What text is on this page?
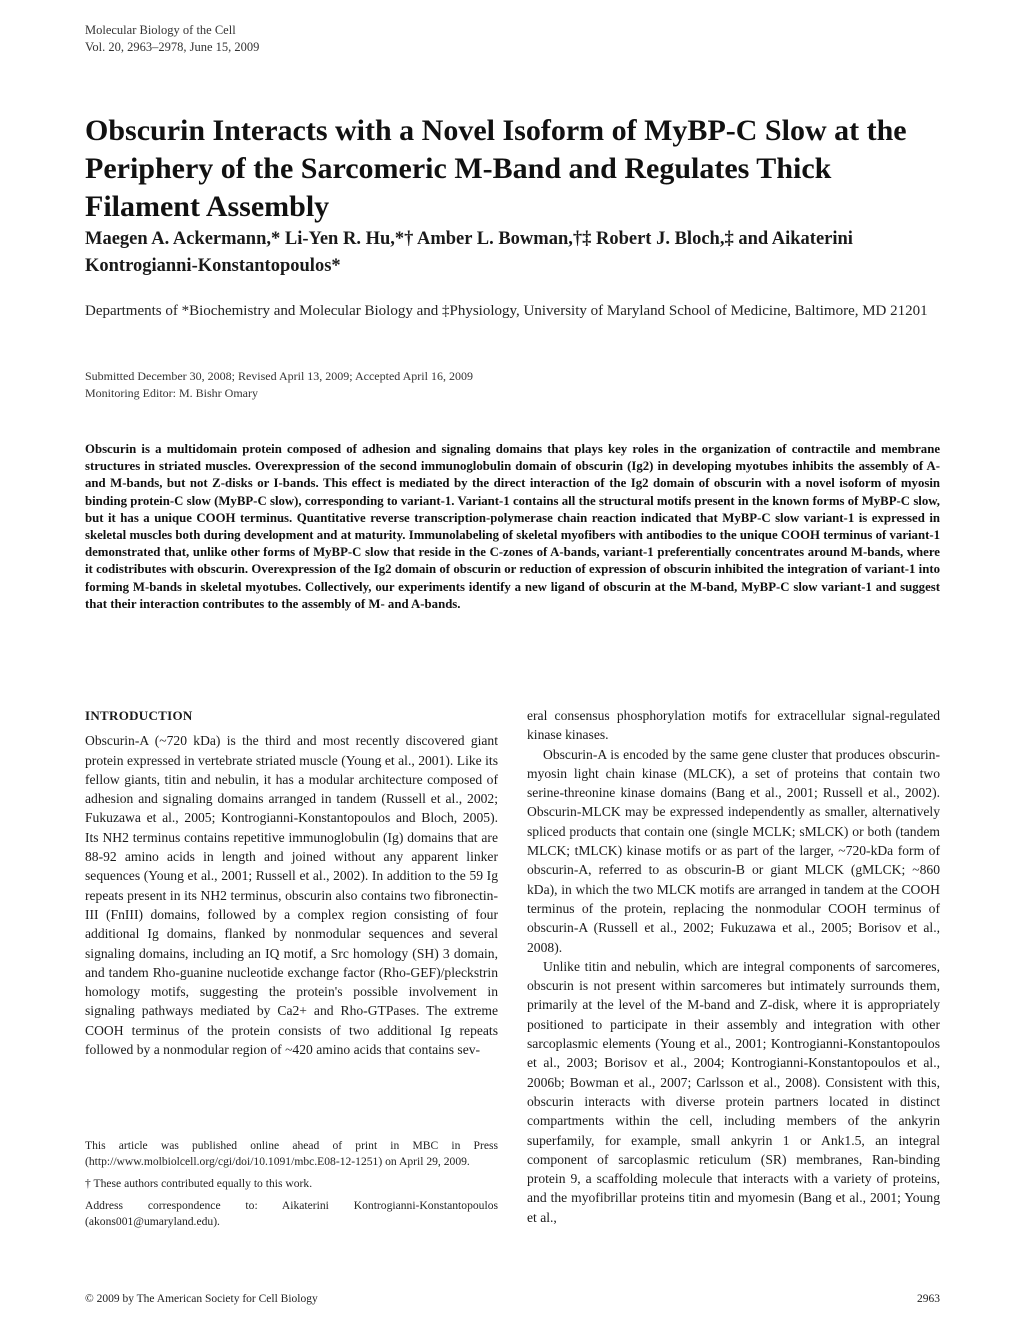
Molecular Biology of the Cell
Vol. 20, 2963–2978, June 15, 2009
Obscurin Interacts with a Novel Isoform of MyBP-C Slow at the Periphery of the Sarcomeric M-Band and Regulates Thick Filament Assembly
Maegen A. Ackermann,* Li-Yen R. Hu,*† Amber L. Bowman,†‡ Robert J. Bloch,‡ and Aikaterini Kontrogianni-Konstantopoulos*
Departments of *Biochemistry and Molecular Biology and ‡Physiology, University of Maryland School of Medicine, Baltimore, MD 21201
Submitted December 30, 2008; Revised April 13, 2009; Accepted April 16, 2009
Monitoring Editor: M. Bishr Omary
Obscurin is a multidomain protein composed of adhesion and signaling domains that plays key roles in the organization of contractile and membrane structures in striated muscles. Overexpression of the second immunoglobulin domain of obscurin (Ig2) in developing myotubes inhibits the assembly of A- and M-bands, but not Z-disks or I-bands. This effect is mediated by the direct interaction of the Ig2 domain of obscurin with a novel isoform of myosin binding protein-C slow (MyBP-C slow), corresponding to variant-1. Variant-1 contains all the structural motifs present in the known forms of MyBP-C slow, but it has a unique COOH terminus. Quantitative reverse transcription-polymerase chain reaction indicated that MyBP-C slow variant-1 is expressed in skeletal muscles both during development and at maturity. Immunolabeling of skeletal myofibers with antibodies to the unique COOH terminus of variant-1 demonstrated that, unlike other forms of MyBP-C slow that reside in the C-zones of A-bands, variant-1 preferentially concentrates around M-bands, where it codistributes with obscurin. Overexpression of the Ig2 domain of obscurin or reduction of expression of obscurin inhibited the integration of variant-1 into forming M-bands in skeletal myotubes. Collectively, our experiments identify a new ligand of obscurin at the M-band, MyBP-C slow variant-1 and suggest that their interaction contributes to the assembly of M- and A-bands.
INTRODUCTION

Obscurin-A (~720 kDa) is the third and most recently discovered giant protein expressed in vertebrate striated muscle (Young et al., 2001). Like its fellow giants, titin and nebulin, it has a modular architecture composed of adhesion and signaling domains arranged in tandem (Russell et al., 2002; Fukuzawa et al., 2005; Kontrogianni-Konstantopoulos and Bloch, 2005). Its NH2 terminus contains repetitive immunoglobulin (Ig) domains that are 88-92 amino acids in length and joined without any apparent linker sequences (Young et al., 2001; Russell et al., 2002). In addition to the 59 Ig repeats present in its NH2 terminus, obscurin also contains two fibronectin-III (FnIII) domains, followed by a complex region consisting of four additional Ig domains, flanked by nonmodular sequences and several signaling domains, including an IQ motif, a Src homology (SH) 3 domain, and tandem Rho-guanine nucleotide exchange factor (Rho-GEF)/pleckstrin homology motifs, suggesting the protein's possible involvement in signaling pathways mediated by Ca2+ and Rho-GTPases. The extreme COOH terminus of the protein consists of two additional Ig repeats followed by a nonmodular region of ~420 amino acids that contains sev-

This article was published online ahead of print in MBC in Press (http://www.molbiolcell.org/cgi/doi/10.1091/mbc.E08-12-1251) on April 29, 2009.

† These authors contributed equally to this work.

Address correspondence to: Aikaterini Kontrogianni-Konstantopoulos (akons001@umaryland.edu).

eral consensus phosphorylation motifs for extracellular signal-regulated kinase kinases.

Obscurin-A is encoded by the same gene cluster that produces obscurin-myosin light chain kinase (MLCK), a set of proteins that contain two serine-threonine kinase domains (Bang et al., 2001; Russell et al., 2002). Obscurin-MLCK may be expressed independently as smaller, alternatively spliced products that contain one (single MCLK; sMLCK) or both (tandem MLCK; tMLCK) kinase motifs or as part of the larger, ~720-kDa form of obscurin-A, referred to as obscurin-B or giant MLCK (gMLCK; ~860 kDa), in which the two MLCK motifs are arranged in tandem at the COOH terminus of the protein, replacing the nonmodular COOH terminus of obscurin-A (Russell et al., 2002; Fukuzawa et al., 2005; Borisov et al., 2008).

Unlike titin and nebulin, which are integral components of sarcomeres, obscurin is not present within sarcomeres but intimately surrounds them, primarily at the level of the M-band and Z-disk, where it is appropriately positioned to participate in their assembly and integration with other sarcoplasmic elements (Young et al., 2001; Kontrogianni-Konstantopoulos et al., 2003; Borisov et al., 2004; Kontrogianni-Konstantopoulos et al., 2006b; Bowman et al., 2007; Carlsson et al., 2008). Consistent with this, obscurin interacts with diverse protein partners located in distinct compartments within the cell, including members of the ankyrin superfamily, for example, small ankyrin 1 or Ank1.5, an integral component of sarcoplasmic reticulum (SR) membranes, Ran-binding protein 9, a scaffolding molecule that interacts with a variety of proteins, and the myofibrillar proteins titin and myomesin (Bang et al., 2001; Young et al.,

© 2009 by The American Society for Cell Biology	2963
